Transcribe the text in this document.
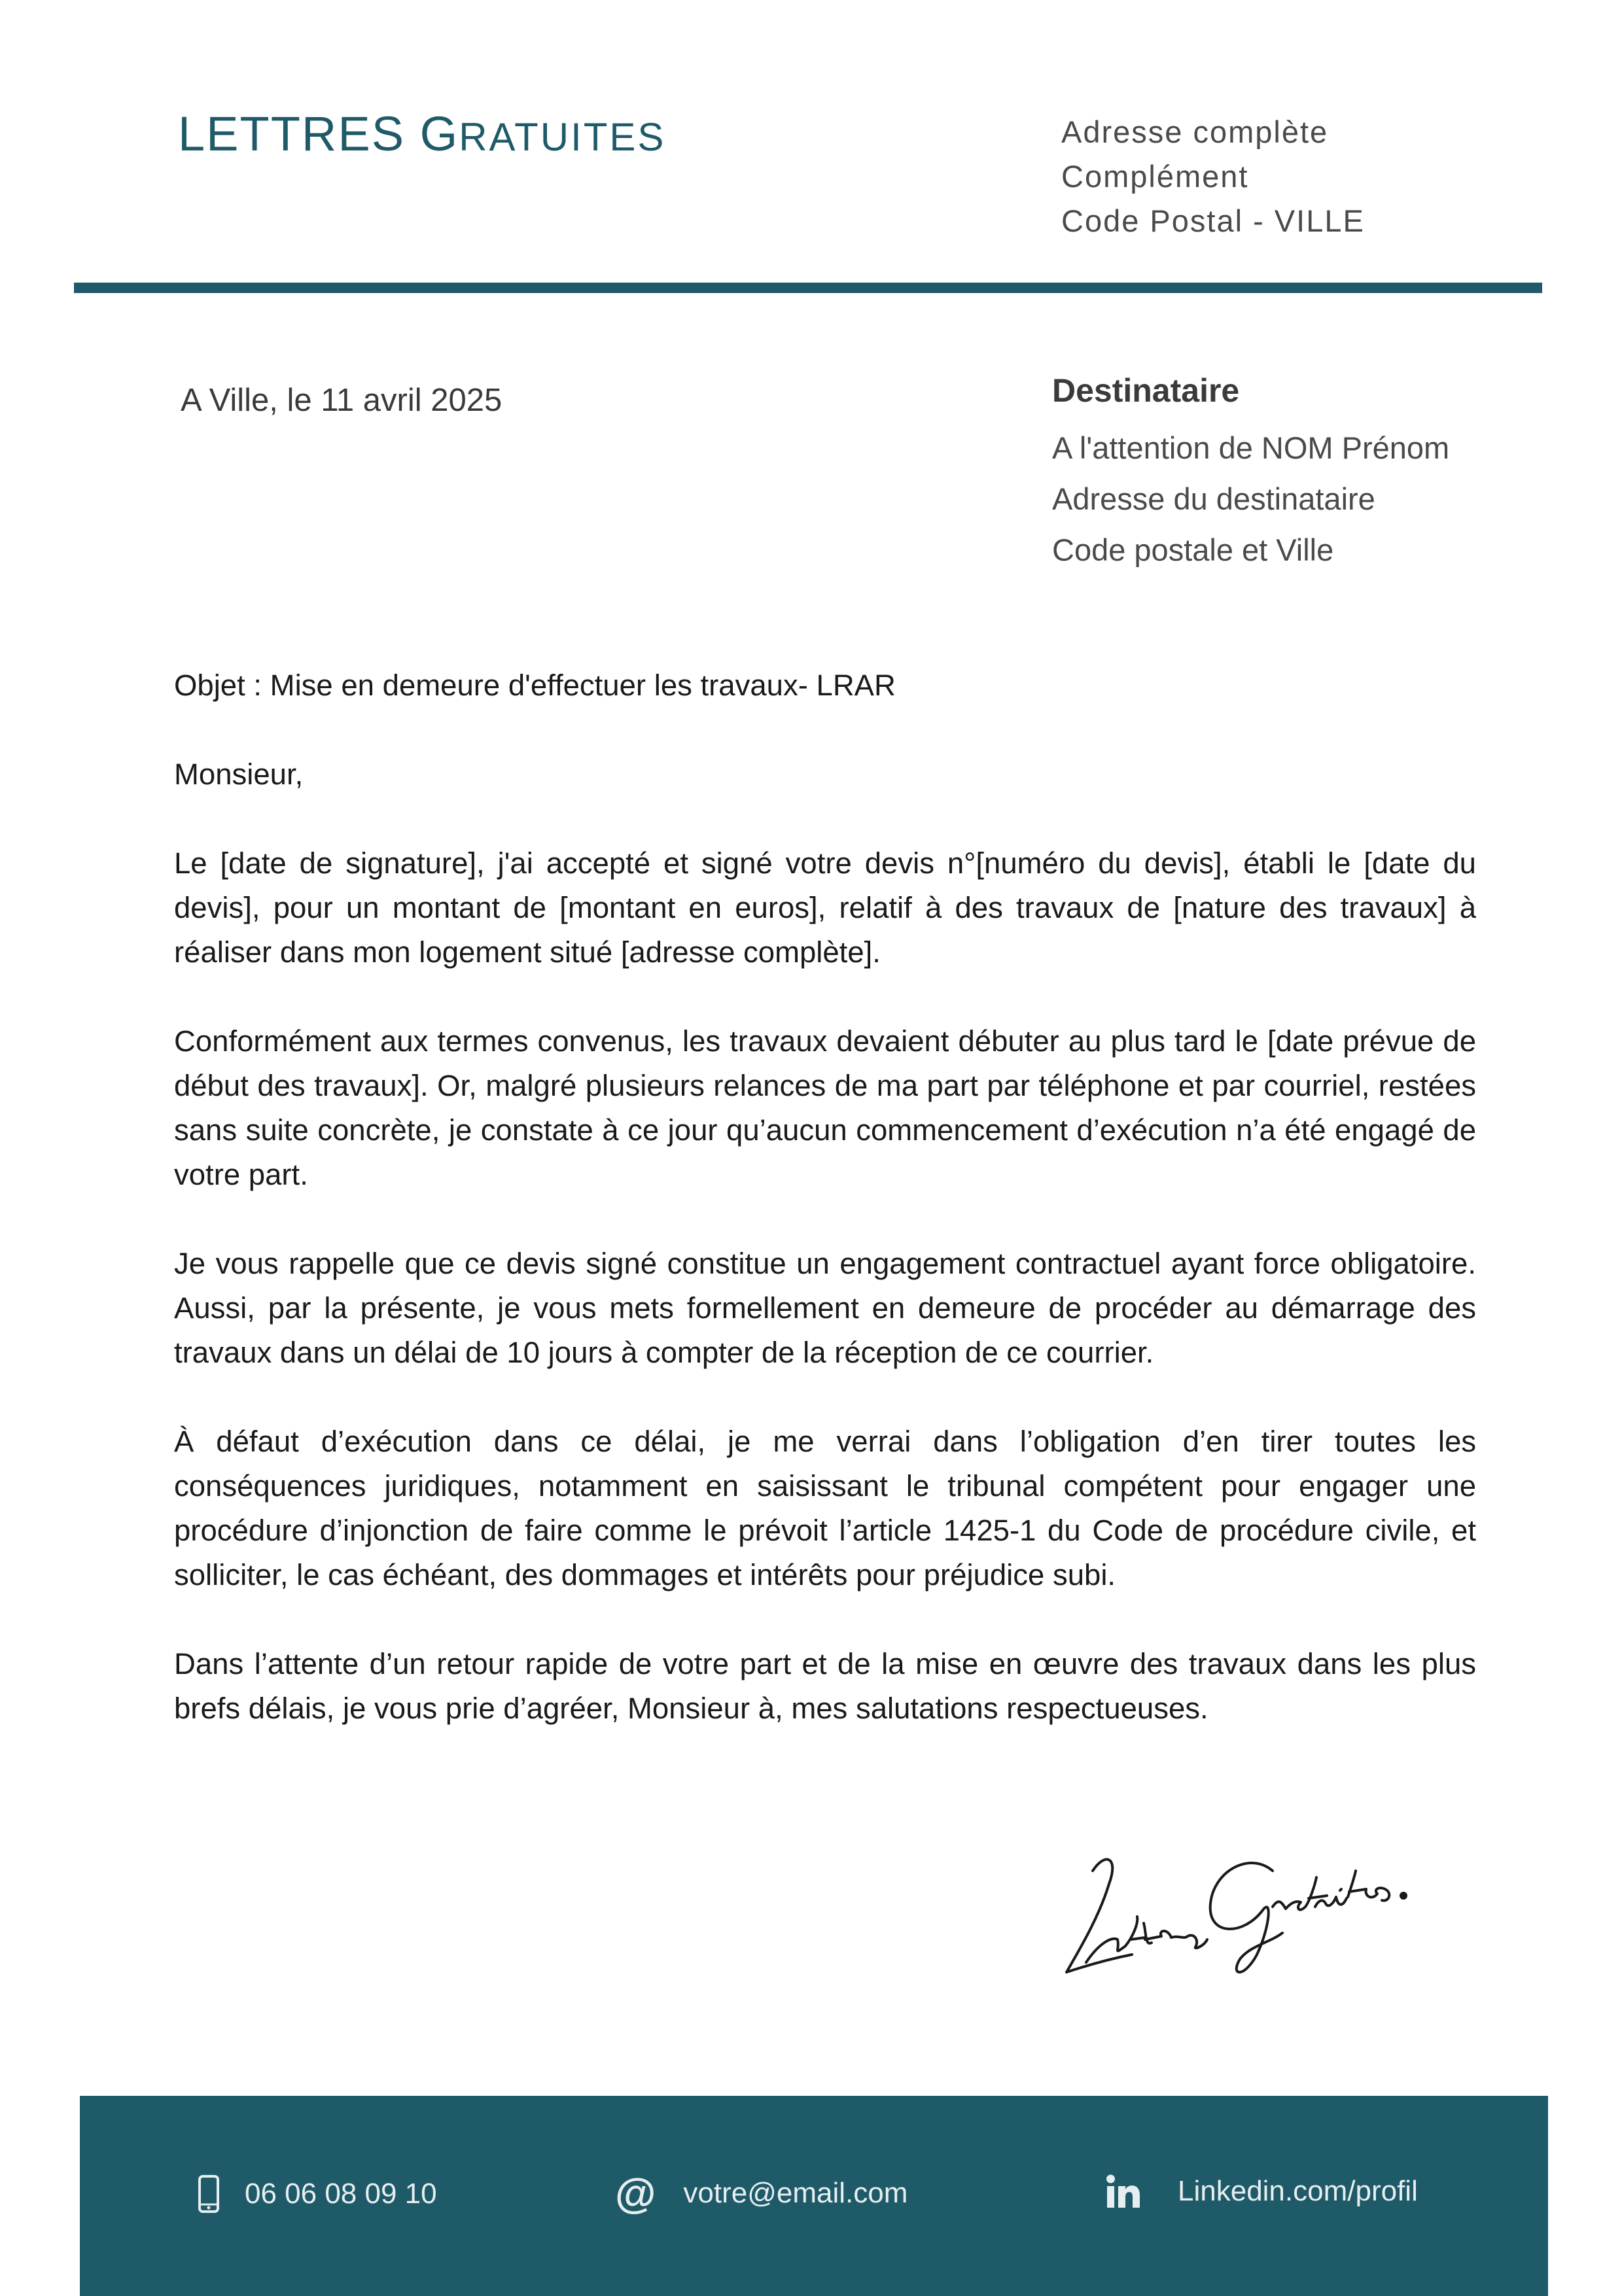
LETTRES GRATUITES	Adresse complète
Complément
Code Postal - VILLE
A Ville, le 11 avril 2025	Destinataire
A l'attention de NOM Prénom
Adresse du destinataire
Code postale et Ville

Objet : Mise en demeure d'effectuer les travaux- LRAR

Monsieur,

Le [date de signature], j'ai accepté et signé votre devis n°[numéro du devis], établi le [date du devis], pour un montant de [montant en euros], relatif à des travaux de [nature des travaux] à réaliser dans mon logement situé [adresse complète].

Conformément aux termes convenus, les travaux devaient débuter au plus tard le [date prévue de début des travaux]. Or, malgré plusieurs relances de ma part par téléphone et par courriel, restées sans suite concrète, je constate à ce jour qu’aucun commencement d’exécution n’a été engagé de votre part.

Je vous rappelle que ce devis signé constitue un engagement contractuel ayant force obligatoire. Aussi, par la présente, je vous mets formellement en demeure de procéder au démarrage des travaux dans un délai de 10 jours à compter de la réception de ce courrier.

À défaut d’exécution dans ce délai, je me verrai dans l’obligation d’en tirer toutes les conséquences juridiques, notamment en saisissant le tribunal compétent pour engager une procédure d’injonction de faire comme le prévoit l’article 1425-1 du Code de procédure civile, et solliciter, le cas échéant, des dommages et intérêts pour préjudice subi.

Dans l’attente d’un retour rapide de votre part et de la mise en œuvre des travaux dans les plus brefs délais, je vous prie d’agréer, Monsieur à, mes salutations respectueuses.

06 06 08 09 10	@ votre@email.com	Linkedin.com/profil
